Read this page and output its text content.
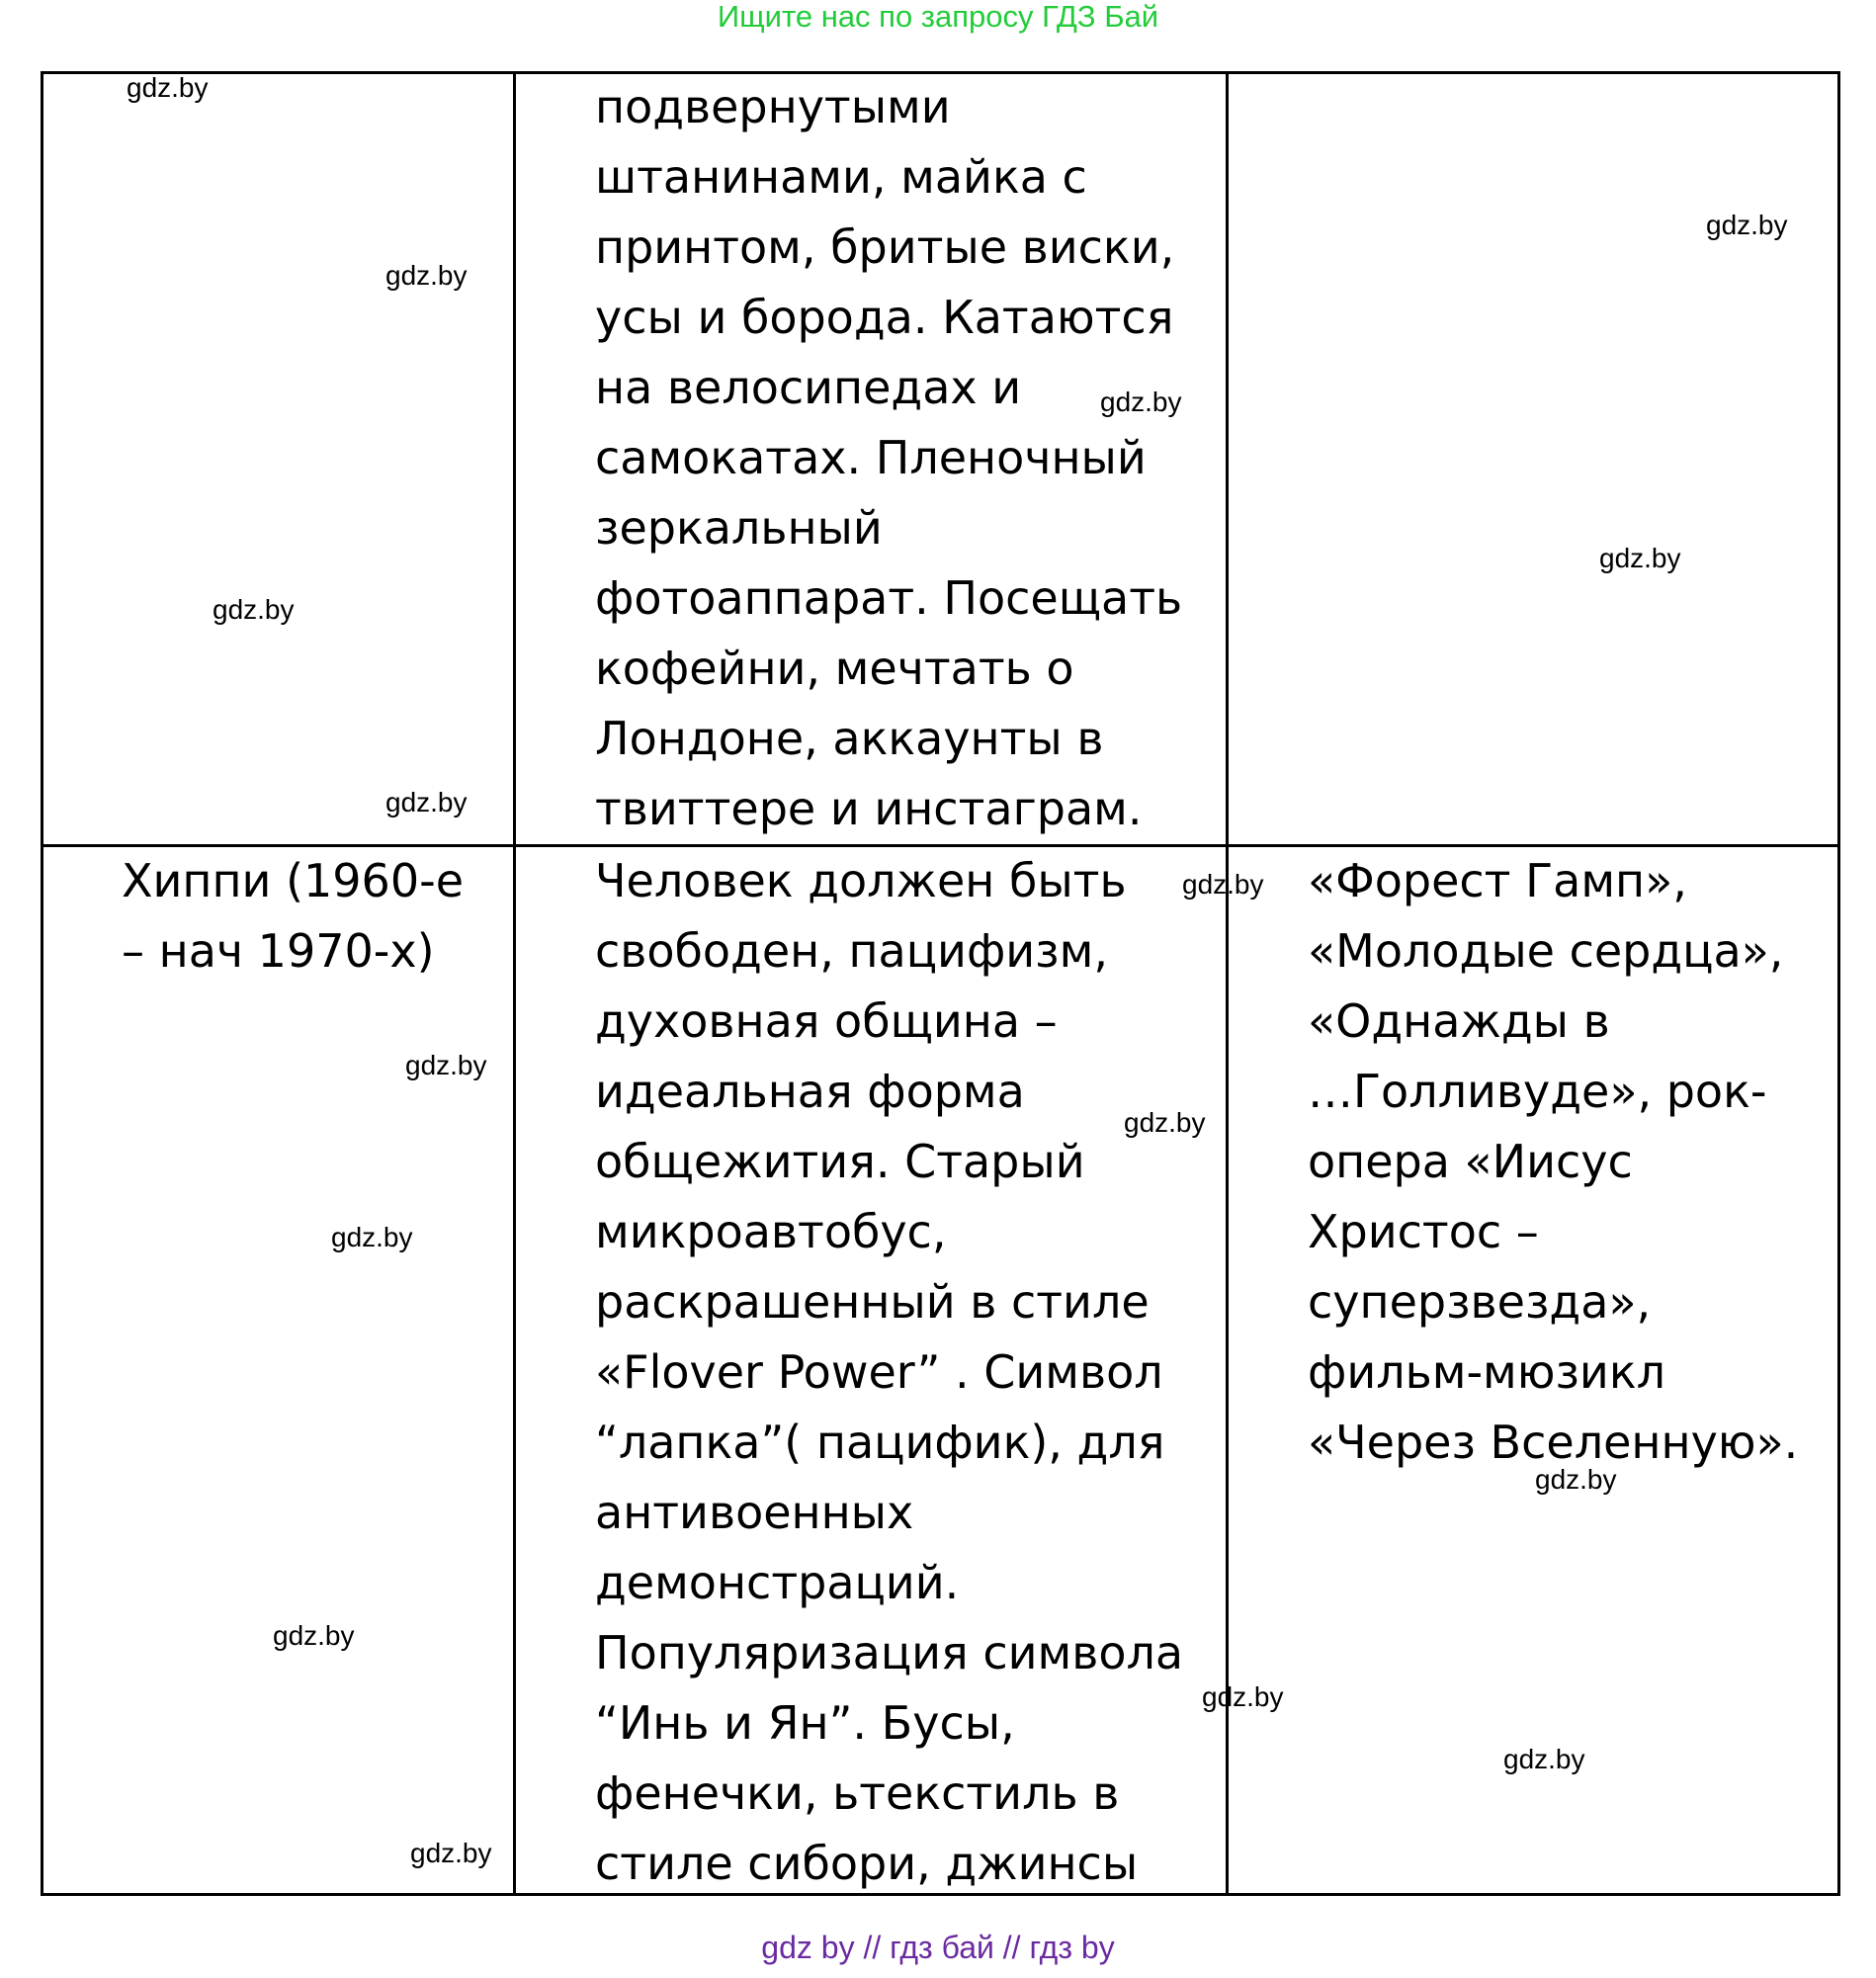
Ищите нас по запросу ГДЗ Бай
подвернутыми
штанинами, майка с
принтом, бритые виски,
усы и борода. Катаются
на велосипедах и
самокатах. Пленочный
зеркальный
фотоаппарат. Посещать
кофейни, мечтать о
Лондоне, аккаунты в
твиттере и инстаграм.
Хиппи (1960-е
– нач 1970-х)
Человек должен быть
свободен, пацифизм,
духовная община –
идеальная форма
общежития. Старый
микроавтобус,
раскрашенный в стиле
«Flover Power” . Символ
“лапка”( пацифик), для
антивоенных
демонстраций.
Популяризация символа
“Инь и Ян”. Бусы,
фенечки, ьтекстиль в
стиле сибори, джинсы
«Форест Гамп»,
«Молодые сердца»,
«Однажды в
…Голливуде», рок-
опера «Иисус
Христос –
суперзвезда»,
фильм-мюзикл
«Через Вселенную».
gdz.by
gdz.by
gdz.by
gdz.by
gdz.by
gdz.by
gdz.by
gdz.by
gdz.by
gdz.by
gdz.by
gdz.by
gdz.by
gdz.by
gdz.by
gdz.by
gdz by // гдз бай // гдз by
